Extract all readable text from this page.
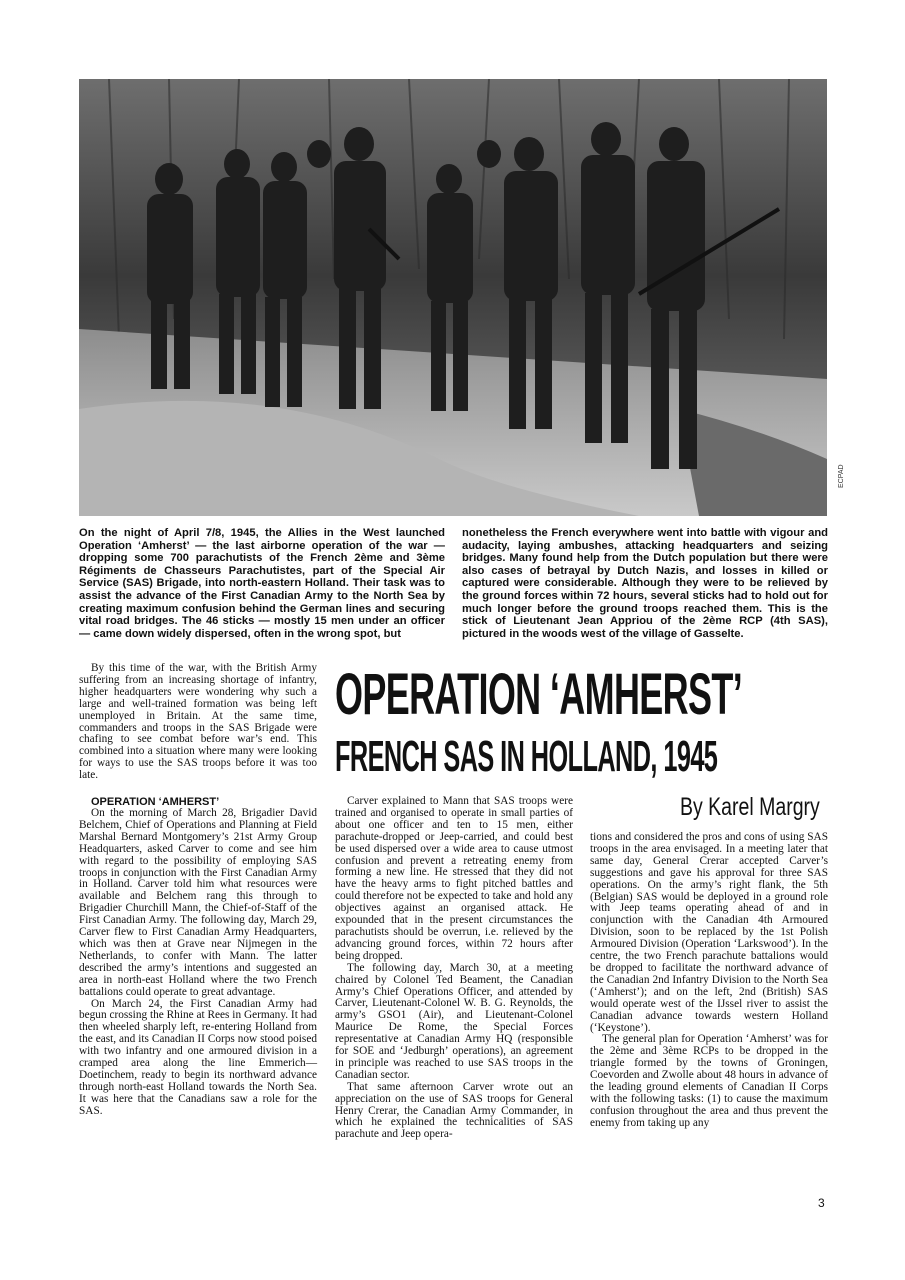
ECPAD
On the night of April 7/8, 1945, the Allies in the West launched Operation ‘Amherst’ — the last airborne operation of the war — dropping some 700 parachutists of the French 2ème and 3ème Régiments de Chasseurs Parachutistes, part of the Special Air Service (SAS) Brigade, into north-eastern Holland. Their task was to assist the advance of the First Canadian Army to the North Sea by creating maximum confusion behind the German lines and securing vital road bridges. The 46 sticks — mostly 15 men under an officer — came down widely dispersed, often in the wrong spot, but
nonetheless the French everywhere went into battle with vigour and audacity, laying ambushes, attacking headquarters and seizing bridges. Many found help from the Dutch population but there were also cases of betrayal by Dutch Nazis, and losses in killed or captured were considerable. Although they were to be relieved by the ground forces within 72 hours, several sticks had to hold out for much longer before the ground troops reached them. This is the stick of Lieutenant Jean Appriou of the 2ème RCP (4th SAS), pictured in the woods west of the village of Gasselte.

By this time of the war, with the British Army suffering from an increasing shortage of infantry, higher headquarters were wondering why such a large and well-trained formation was being left unemployed in Britain. At the same time, commanders and troops in the SAS Brigade were chafing to see combat before war’s end. This combined into a situation where many were looking for ways to use the SAS troops before it was too late.

OPERATION ‘AMHERST’
FRENCH SAS IN HOLLAND, 1945
By Karel Margry

OPERATION ‘AMHERST’

On the morning of March 28, Brigadier David Belchem, Chief of Operations and Planning at Field Marshal Bernard Montgomery’s 21st Army Group Headquarters, asked Carver to come and see him with regard to the possibility of employing SAS troops in conjunction with the First Canadian Army in Holland. Carver told him what resources were available and Belchem rang this through to Brigadier Churchill Mann, the Chief-of-Staff of the First Canadian Army. The following day, March 29, Carver flew to First Canadian Army Headquarters, which was then at Grave near Nijmegen in the Netherlands, to confer with Mann. The latter described the army’s intentions and suggested an area in north-east Holland where the two French battalions could operate to great advantage.

On March 24, the First Canadian Army had begun crossing the Rhine at Rees in Germany. It had then wheeled sharply left, re-entering Holland from the east, and its Canadian II Corps now stood poised with two infantry and one armoured division in a cramped area along the line Emmerich—Doetinchem, ready to begin its northward advance through north-east Holland towards the North Sea. It was here that the Canadians saw a role for the SAS.

Carver explained to Mann that SAS troops were trained and organised to operate in small parties of about one officer and ten to 15 men, either parachute-dropped or Jeep-carried, and could best be used dispersed over a wide area to cause utmost confusion and prevent a retreating enemy from forming a new line. He stressed that they did not have the heavy arms to fight pitched battles and could therefore not be expected to take and hold any objectives against an organised attack. He expounded that in the present circumstances the parachutists should be overrun, i.e. relieved by the advancing ground forces, within 72 hours after being dropped.

The following day, March 30, at a meeting chaired by Colonel Ted Beament, the Canadian Army’s Chief Operations Officer, and attended by Carver, Lieutenant-Colonel W. B. G. Reynolds, the army’s GSO1 (Air), and Lieutenant-Colonel Maurice De Rome, the Special Forces representative at Canadian Army HQ (responsible for SOE and ‘Jedburgh’ operations), an agreement in principle was reached to use SAS troops in the Canadian sector.

That same afternoon Carver wrote out an appreciation on the use of SAS troops for General Henry Crerar, the Canadian Army Commander, in which he explained the technicalities of SAS parachute and Jeep opera-

tions and considered the pros and cons of using SAS troops in the area envisaged. In a meeting later that same day, General Crerar accepted Carver’s suggestions and gave his approval for three SAS operations. On the army’s right flank, the 5th (Belgian) SAS would be deployed in a ground role with Jeep teams operating ahead of and in conjunction with the Canadian 4th Armoured Division, soon to be replaced by the 1st Polish Armoured Division (Operation ‘Larkswood’). In the centre, the two French parachute battalions would be dropped to facilitate the northward advance of the Canadian 2nd Infantry Division to the North Sea (‘Amherst’); and on the left, 2nd (British) SAS would operate west of the IJssel river to assist the Canadian advance towards western Holland (‘Keystone’).

The general plan for Operation ‘Amherst’ was for the 2ème and 3ème RCPs to be dropped in the triangle formed by the towns of Groningen, Coevorden and Zwolle about 48 hours in advance of the leading ground elements of Canadian II Corps with the following tasks: (1) to cause the maximum confusion throughout the area and thus prevent the enemy from taking up any

3
